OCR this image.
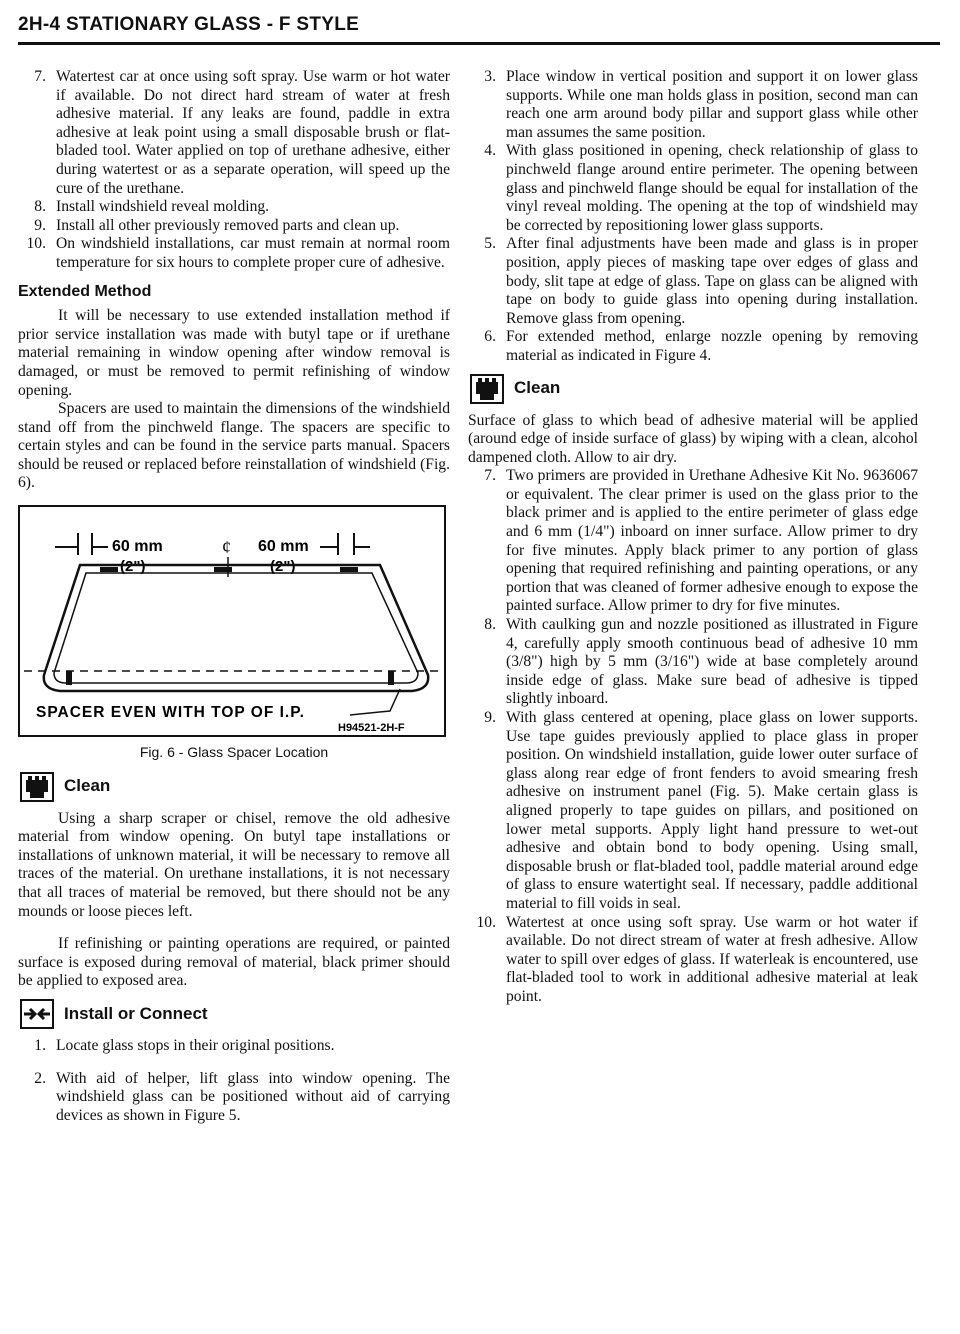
2H-4 STATIONARY GLASS - F STYLE
7. Watertest car at once using soft spray. Use warm or hot water if available. Do not direct hard stream of water at fresh adhesive material. If any leaks are found, paddle in extra adhesive at leak point using a small disposable brush or flat-bladed tool. Water applied on top of urethane adhesive, either during watertest or as a separate operation, will speed up the cure of the urethane.
8. Install windshield reveal molding.
9. Install all other previously removed parts and clean up.
10. On windshield installations, car must remain at normal room temperature for six hours to complete proper cure of adhesive.
Extended Method

It will be necessary to use extended installation method if prior service installation was made with butyl tape or if urethane material remaining in window opening after window removal is damaged, or must be removed to permit refinishing of window opening.

Spacers are used to maintain the dimensions of the windshield stand off from the pinchweld flange. The spacers are specific to certain styles and can be found in the service parts manual. Spacers should be reused or replaced before reinstallation of windshield (Fig. 6).

60 mm
(2")
¢ 60 mm
(2")
SPACER EVEN WITH TOP OF I.P.
H94521-2H-F
Fig. 6 - Glass Spacer Location
Clean

Using a sharp scraper or chisel, remove the old adhesive material from window opening. On butyl tape installations or installations of unknown material, it will be necessary to remove all traces of the material. On urethane installations, it is not necessary that all traces of material be removed, but there should not be any mounds or loose pieces left.

If refinishing or painting operations are required, or painted surface is exposed during removal of material, black primer should be applied to exposed area.

Install or Connect
1. Locate glass stops in their original positions.
2. With aid of helper, lift glass into window opening. The windshield glass can be positioned without aid of carrying devices as shown in Figure 5.
3. Place window in vertical position and support it on lower glass supports. While one man holds glass in position, second man can reach one arm around body pillar and support glass while other man assumes the same position.
4. With glass positioned in opening, check relationship of glass to pinchweld flange around entire perimeter. The opening between glass and pinchweld flange should be equal for installation of the vinyl reveal molding. The opening at the top of windshield may be corrected by repositioning lower glass supports.
5. After final adjustments have been made and glass is in proper position, apply pieces of masking tape over edges of glass and body, slit tape at edge of glass. Tape on glass can be aligned with tape on body to guide glass into opening during installation. Remove glass from opening.
6. For extended method, enlarge nozzle opening by removing material as indicated in Figure 4.
Clean

Surface of glass to which bead of adhesive material will be applied (around edge of inside surface of glass) by wiping with a clean, alcohol dampened cloth. Allow to air dry.

7. Two primers are provided in Urethane Adhesive Kit No. 9636067 or equivalent. The clear primer is used on the glass prior to the black primer and is applied to the entire perimeter of glass edge and 6 mm (1/4") inboard on inner surface. Allow primer to dry for five minutes. Apply black primer to any portion of glass opening that required refinishing and painting operations, or any portion that was cleaned of former adhesive enough to expose the painted surface. Allow primer to dry for five minutes.
8. With caulking gun and nozzle positioned as illustrated in Figure 4, carefully apply smooth continuous bead of adhesive 10 mm (3/8") high by 5 mm (3/16") wide at base completely around inside edge of glass. Make sure bead of adhesive is tipped slightly inboard.
9. With glass centered at opening, place glass on lower supports. Use tape guides previously applied to place glass in proper position. On windshield installation, guide lower outer surface of glass along rear edge of front fenders to avoid smearing fresh adhesive on instrument panel (Fig. 5). Make certain glass is aligned properly to tape guides on pillars, and positioned on lower metal supports. Apply light hand pressure to wet-out adhesive and obtain bond to body opening. Using small, disposable brush or flat-bladed tool, paddle material around edge of glass to ensure watertight seal. If necessary, paddle additional material to fill voids in seal.
10. Watertest at once using soft spray. Use warm or hot water if available. Do not direct stream of water at fresh adhesive. Allow water to spill over edges of glass. If waterleak is encountered, use flat-bladed tool to work in additional adhesive material at leak point.
